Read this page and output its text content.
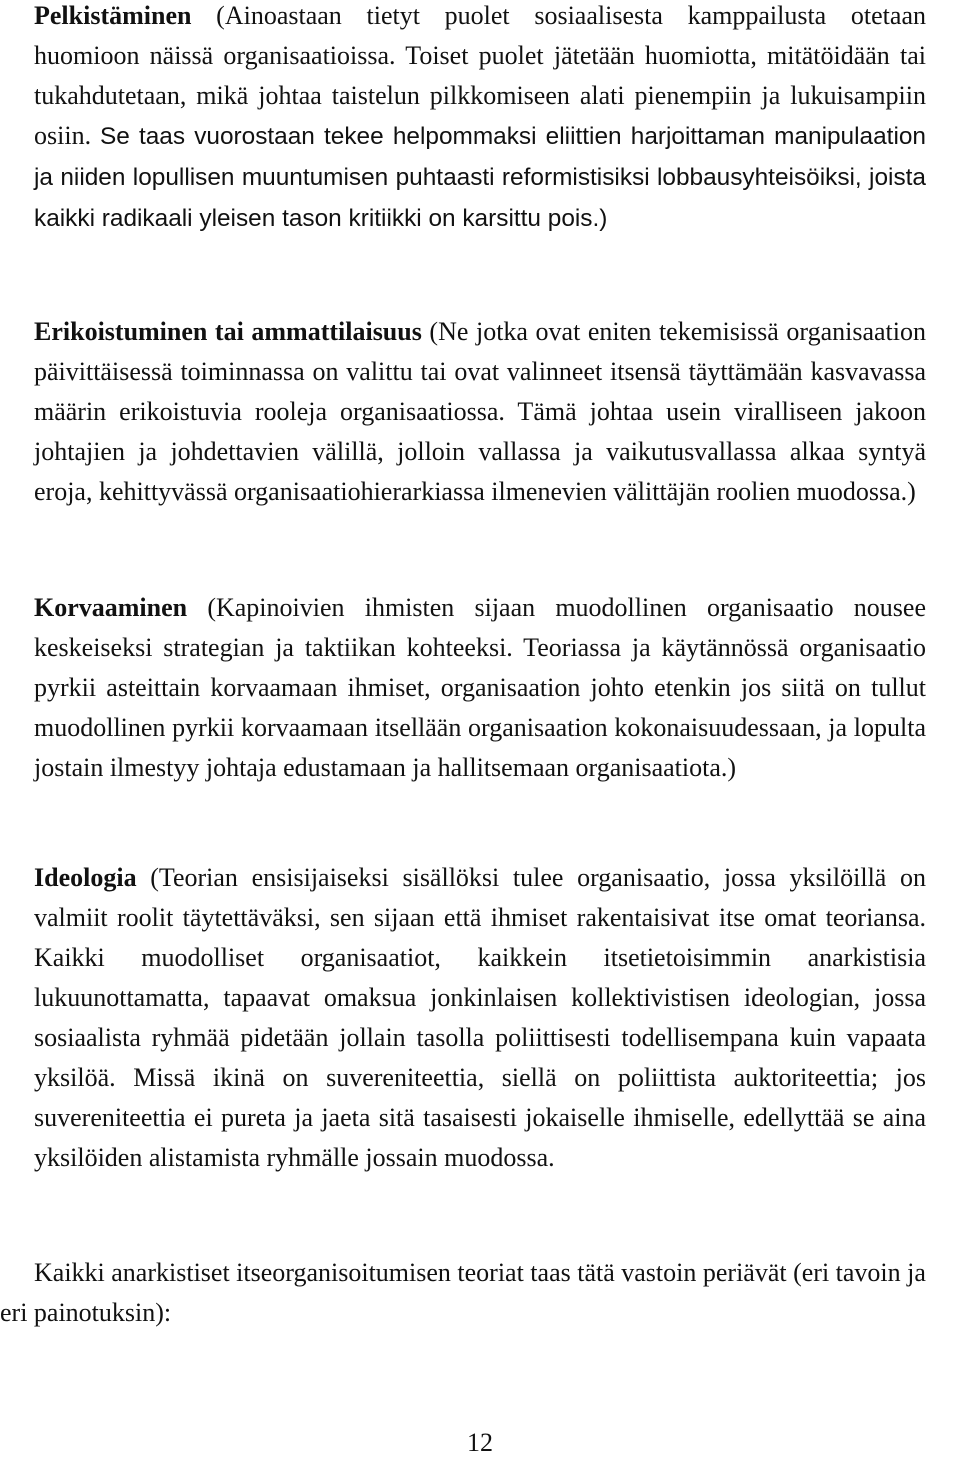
Pelkistäminen (Ainoastaan tietyt puolet sosiaalisesta kamppailusta otetaan huomioon näissä organisaatioissa. Toiset puolet jätetään huomiotta, mitätöidään tai tukahdutetaan, mikä johtaa taistelun pilkkomiseen alati pienempiin ja lukuisampiin osiin. Se taas vuorostaan tekee helpommaksi eliittien harjoittaman manipulaation ja niiden lopullisen muuntumisen puhtaasti reformistisiksi lobbausyhteisöiksi, joista kaikki radikaali yleisen tason kritiikki on karsittu pois.)

Erikoistuminen tai ammattilaisuus (Ne jotka ovat eniten tekemisissä organisaation päivittäisessä toiminnassa on valittu tai ovat valinneet itsensä täyttämään kasvavassa määrin erikoistuvia rooleja organisaatiossa. Tämä johtaa usein viralliseen jakoon johtajien ja johdettavien välillä, jolloin vallassa ja vaikutusvallassa alkaa syntyä eroja, kehittyvässä organisaatiohierarkiassa ilmenevien välittäjän roolien muodossa.)

Korvaaminen (Kapinoivien ihmisten sijaan muodollinen organisaatio nousee keskeiseksi strategian ja taktiikan kohteeksi. Teoriassa ja käytännössä organisaatio pyrkii asteittain korvaamaan ihmiset, organisaation johto etenkin jos siitä on tullut muodollinen pyrkii korvaamaan itsellään organisaation kokonaisuudessaan, ja lopulta jostain ilmestyy johtaja edustamaan ja hallitsemaan organisaatiota.)

Ideologia (Teorian ensisijaiseksi sisällöksi tulee organisaatio, jossa yksilöillä on valmiit roolit täytettäväksi, sen sijaan että ihmiset rakentaisivat itse omat teoriansa. Kaikki muodolliset organisaatiot, kaikkein itsetietoisimmin anarkistisia lukuunottamatta, tapaavat omaksua jonkinlaisen kollektivistisen ideologian, jossa sosiaalista ryhmää pidetään jollain tasolla poliittisesti todellisempana kuin vapaata yksilöä. Missä ikinä on suvereniteettia, siellä on poliittista auktoriteettia; jos suvereniteettia ei pureta ja jaeta sitä tasaisesti jokaiselle ihmiselle, edellyttää se aina yksilöiden alistamista ryhmälle jossain muodossa.

Kaikki anarkistiset itseorganisoitumisen teoriat taas tätä vastoin periävät (eri tavoin ja eri painotuksin):

12
